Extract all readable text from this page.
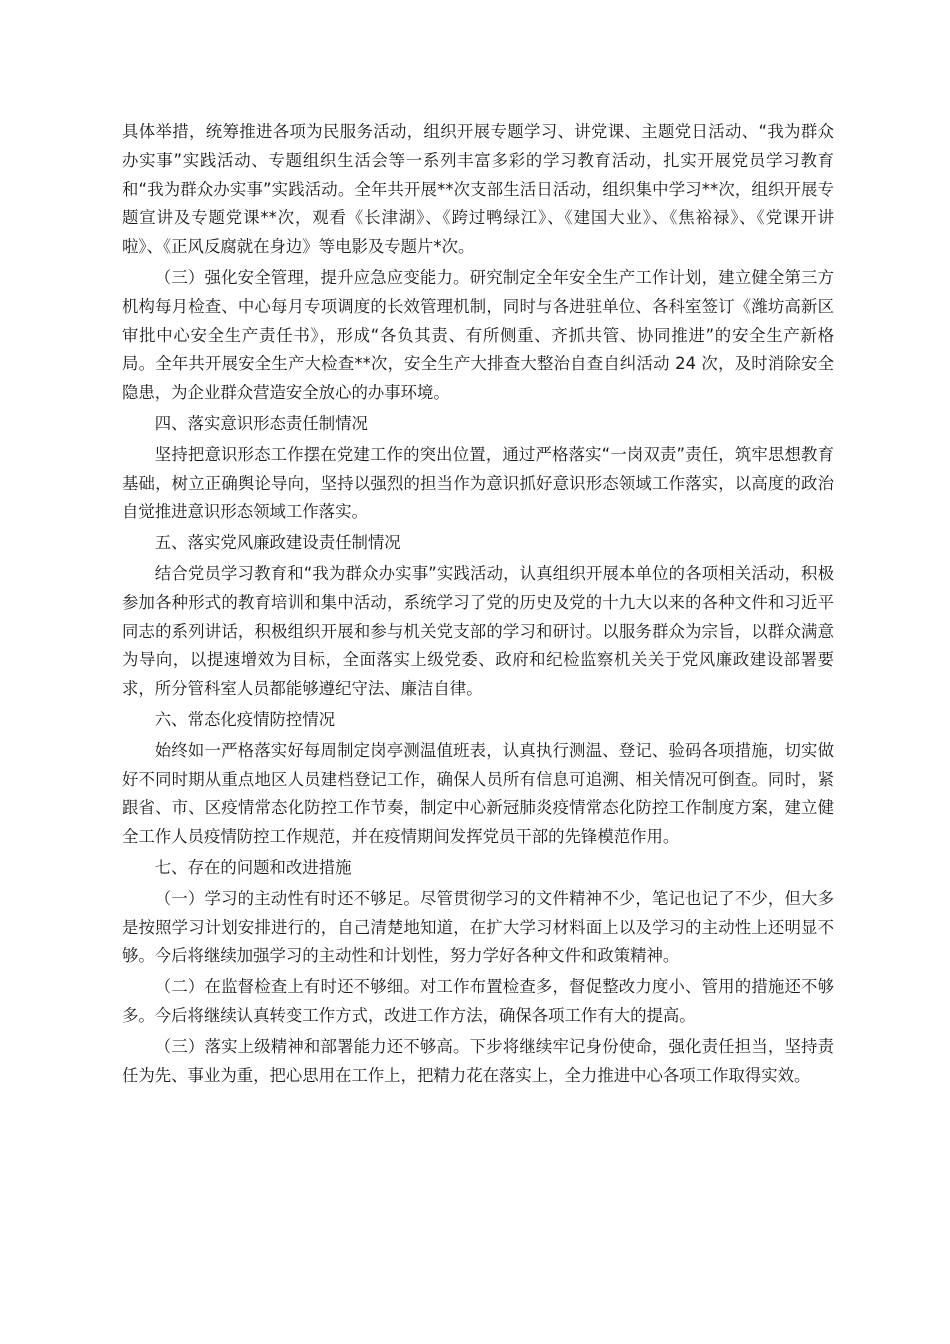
具体举措，统筹推进各项为民服务活动，组织开展专题学习、讲党课、主题党日活动、“我为群众办实事”实践活动、专题组织生活会等一系列丰富多彩的学习教育活动，扎实开展党员学习教育和“我为群众办实事”实践活动。全年共开展**次支部生活日活动，组织集中学习**次，组织开展专题宣讲及专题党课**次，观看《长津湖》、《跨过鸭绿江》、《建国大业》、《焦裕禄》、《党课开讲啦》、《正风反腐就在身边》等电影及专题片*次。

（三）强化安全管理，提升应急应变能力。研究制定全年安全生产工作计划，建立健全第三方机构每月检查、中心每月专项调度的长效管理机制，同时与各进驻单位、各科室签订《潍坊高新区审批中心安全生产责任书》，形成“各负其责、有所侧重、齐抓共管、协同推进”的安全生产新格局。全年共开展安全生产大检查**次，安全生产大排查大整治自查自纠活动 24 次，及时消除安全隐患，为企业群众营造安全放心的办事环境。

四、落实意识形态责任制情况

坚持把意识形态工作摆在党建工作的突出位置，通过严格落实“一岗双责”责任，筑牢思想教育基础，树立正确舆论导向，坚持以强烈的担当作为意识抓好意识形态领域工作落实，以高度的政治自觉推进意识形态领域工作落实。

五、落实党风廉政建设责任制情况

结合党员学习教育和“我为群众办实事”实践活动，认真组织开展本单位的各项相关活动，积极参加各种形式的教育培训和集中活动，系统学习了党的历史及党的十九大以来的各种文件和习近平同志的系列讲话，积极组织开展和参与机关党支部的学习和研讨。以服务群众为宗旨，以群众满意为导向，以提速增效为目标，全面落实上级党委、政府和纪检监察机关关于党风廉政建设部署要求，所分管科室人员都能够遵纪守法、廉洁自律。

六、常态化疫情防控情况

始终如一严格落实好每周制定岗亭测温值班表，认真执行测温、登记、验码各项措施，切实做好不同时期从重点地区人员建档登记工作，确保人员所有信息可追溯、相关情况可倒查。同时，紧跟省、市、区疫情常态化防控工作节奏，制定中心新冠肺炎疫情常态化防控工作制度方案，建立健全工作人员疫情防控工作规范，并在疫情期间发挥党员干部的先锋模范作用。

七、存在的问题和改进措施

（一）学习的主动性有时还不够足。尽管贯彻学习的文件精神不少，笔记也记了不少，但大多是按照学习计划安排进行的，自己清楚地知道，在扩大学习材料面上以及学习的主动性上还明显不够。今后将继续加强学习的主动性和计划性，努力学好各种文件和政策精神。

（二）在监督检查上有时还不够细。对工作布置检查多，督促整改力度小、管用的措施还不够多。今后将继续认真转变工作方式，改进工作方法，确保各项工作有大的提高。

（三）落实上级精神和部署能力还不够高。下步将继续牢记身份使命，强化责任担当，坚持责任为先、事业为重，把心思用在工作上，把精力花在落实上，全力推进中心各项工作取得实效。
